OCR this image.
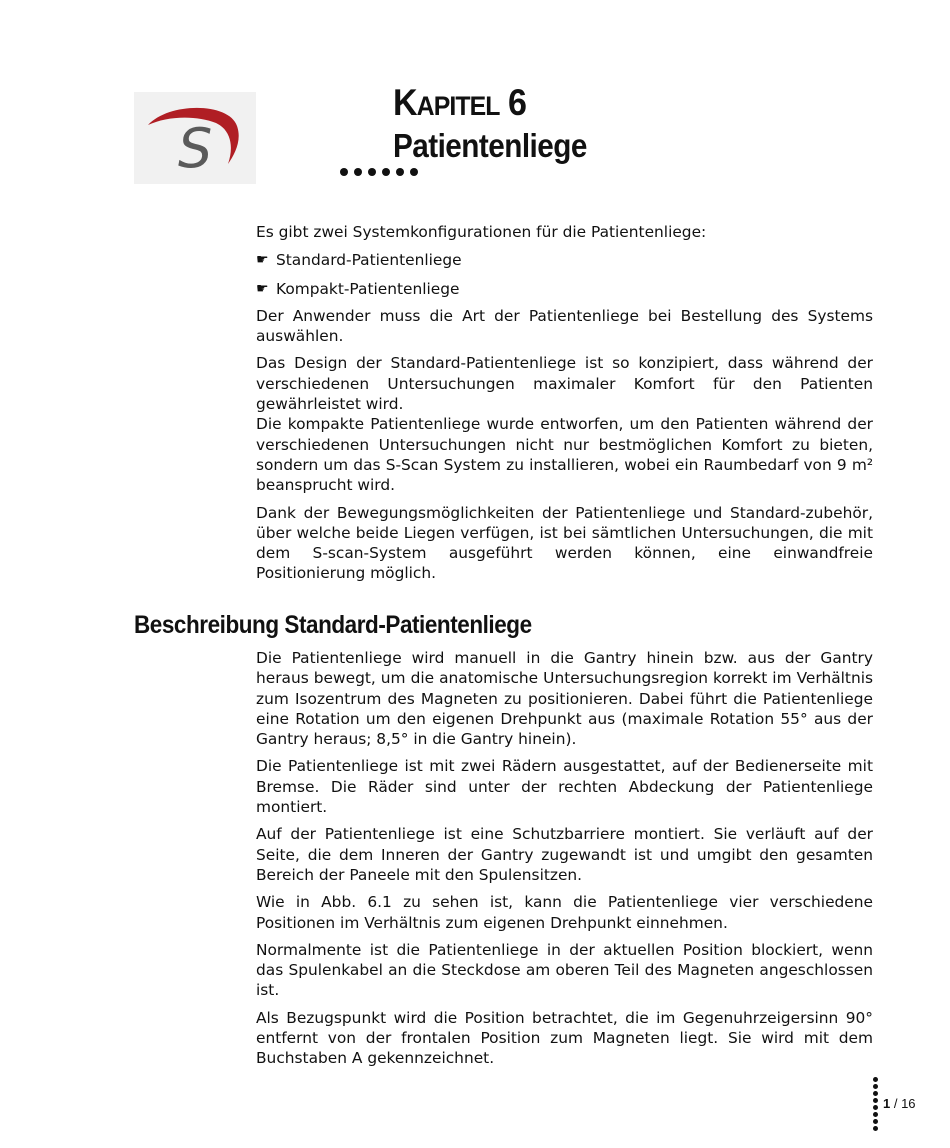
S
KAPITEL 6
Patientenliege

Es gibt zwei Systemkonfigurationen für die Patientenliege:

☛ Standard-Patientenliege

☛ Kompakt-Patientenliege

Der Anwender muss die Art der Patientenliege bei Bestellung des Systems auswählen.

Das Design der Standard-Patientenliege ist so konzipiert, dass während der verschiedenen Untersuchungen maximaler Komfort für den Patienten gewährleistet wird.

Die kompakte Patientenliege wurde entworfen, um den Patienten während der verschiedenen Untersuchungen nicht nur bestmöglichen Komfort zu bieten, sondern um das S-Scan System zu installieren, wobei ein Raumbedarf von 9 m² beansprucht wird.

Dank der Bewegungsmöglichkeiten der Patientenliege und Standard-zubehör, über welche beide Liegen verfügen, ist bei sämtlichen Untersuchungen, die mit dem S-scan-System ausgeführt werden können, eine einwandfreie Positionierung möglich.

Beschreibung Standard-Patientenliege

Die Patientenliege wird manuell in die Gantry hinein bzw. aus der Gantry heraus bewegt, um die anatomische Untersuchungsregion korrekt im Verhältnis zum Isozentrum des Magneten zu positionieren. Dabei führt die Patientenliege eine Rotation um den eigenen Drehpunkt aus (maximale Rotation 55° aus der Gantry heraus; 8,5° in die Gantry hinein).

Die Patientenliege ist mit zwei Rädern ausgestattet, auf der Bedienerseite mit Bremse. Die Räder sind unter der rechten Abdeckung der Patientenliege montiert.

Auf der Patientenliege ist eine Schutzbarriere montiert. Sie verläuft auf der Seite, die dem Inneren der Gantry zugewandt ist und umgibt den gesamten Bereich der Paneele mit den Spulensitzen.

Wie in Abb. 6.1 zu sehen ist, kann die Patientenliege vier verschiedene Positionen im Verhältnis zum eigenen Drehpunkt einnehmen.

Normalmente ist die Patientenliege in der aktuellen Position blockiert, wenn das Spulenkabel an die Steckdose am oberen Teil des Magneten angeschlossen ist.

Als Bezugspunkt wird die Position betrachtet, die im Gegenuhrzeigersinn 90° entfernt von der frontalen Position zum Magneten liegt. Sie wird mit dem Buchstaben A gekennzeichnet.

1 / 16
